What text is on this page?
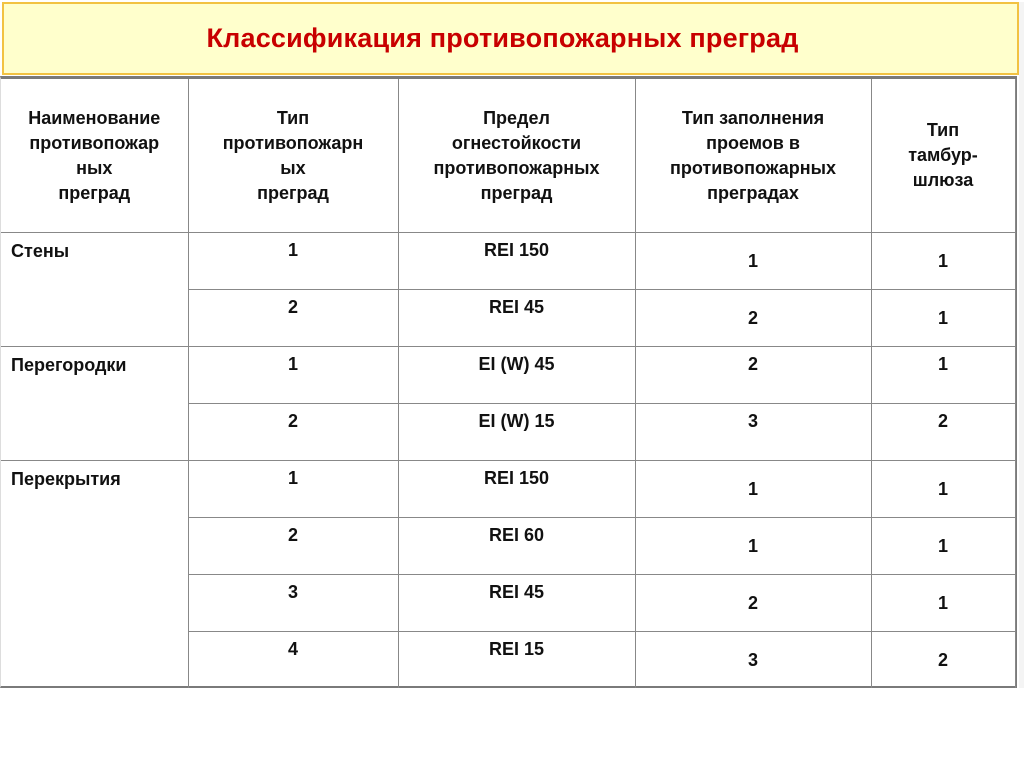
Классификация противопожарных преград
Наименование
противопожар
ных
преград	Тип
противопожарн
ых
преград	Предел
огнестойкости
противопожарных
преград	Тип заполнения
проемов в
противопожарных
преградах	Тип
тамбур-
шлюза
Стены	1	REI 150	1	1
	2	REI 45	2	1
Перегородки	1	EI (W) 45	2	1
	2	EI (W) 15	3	2
Перекрытия	1	REI 150	1	1
	2	REI 60	1	1
	3	REI 45	2	1
	4	REI 15	3	2
